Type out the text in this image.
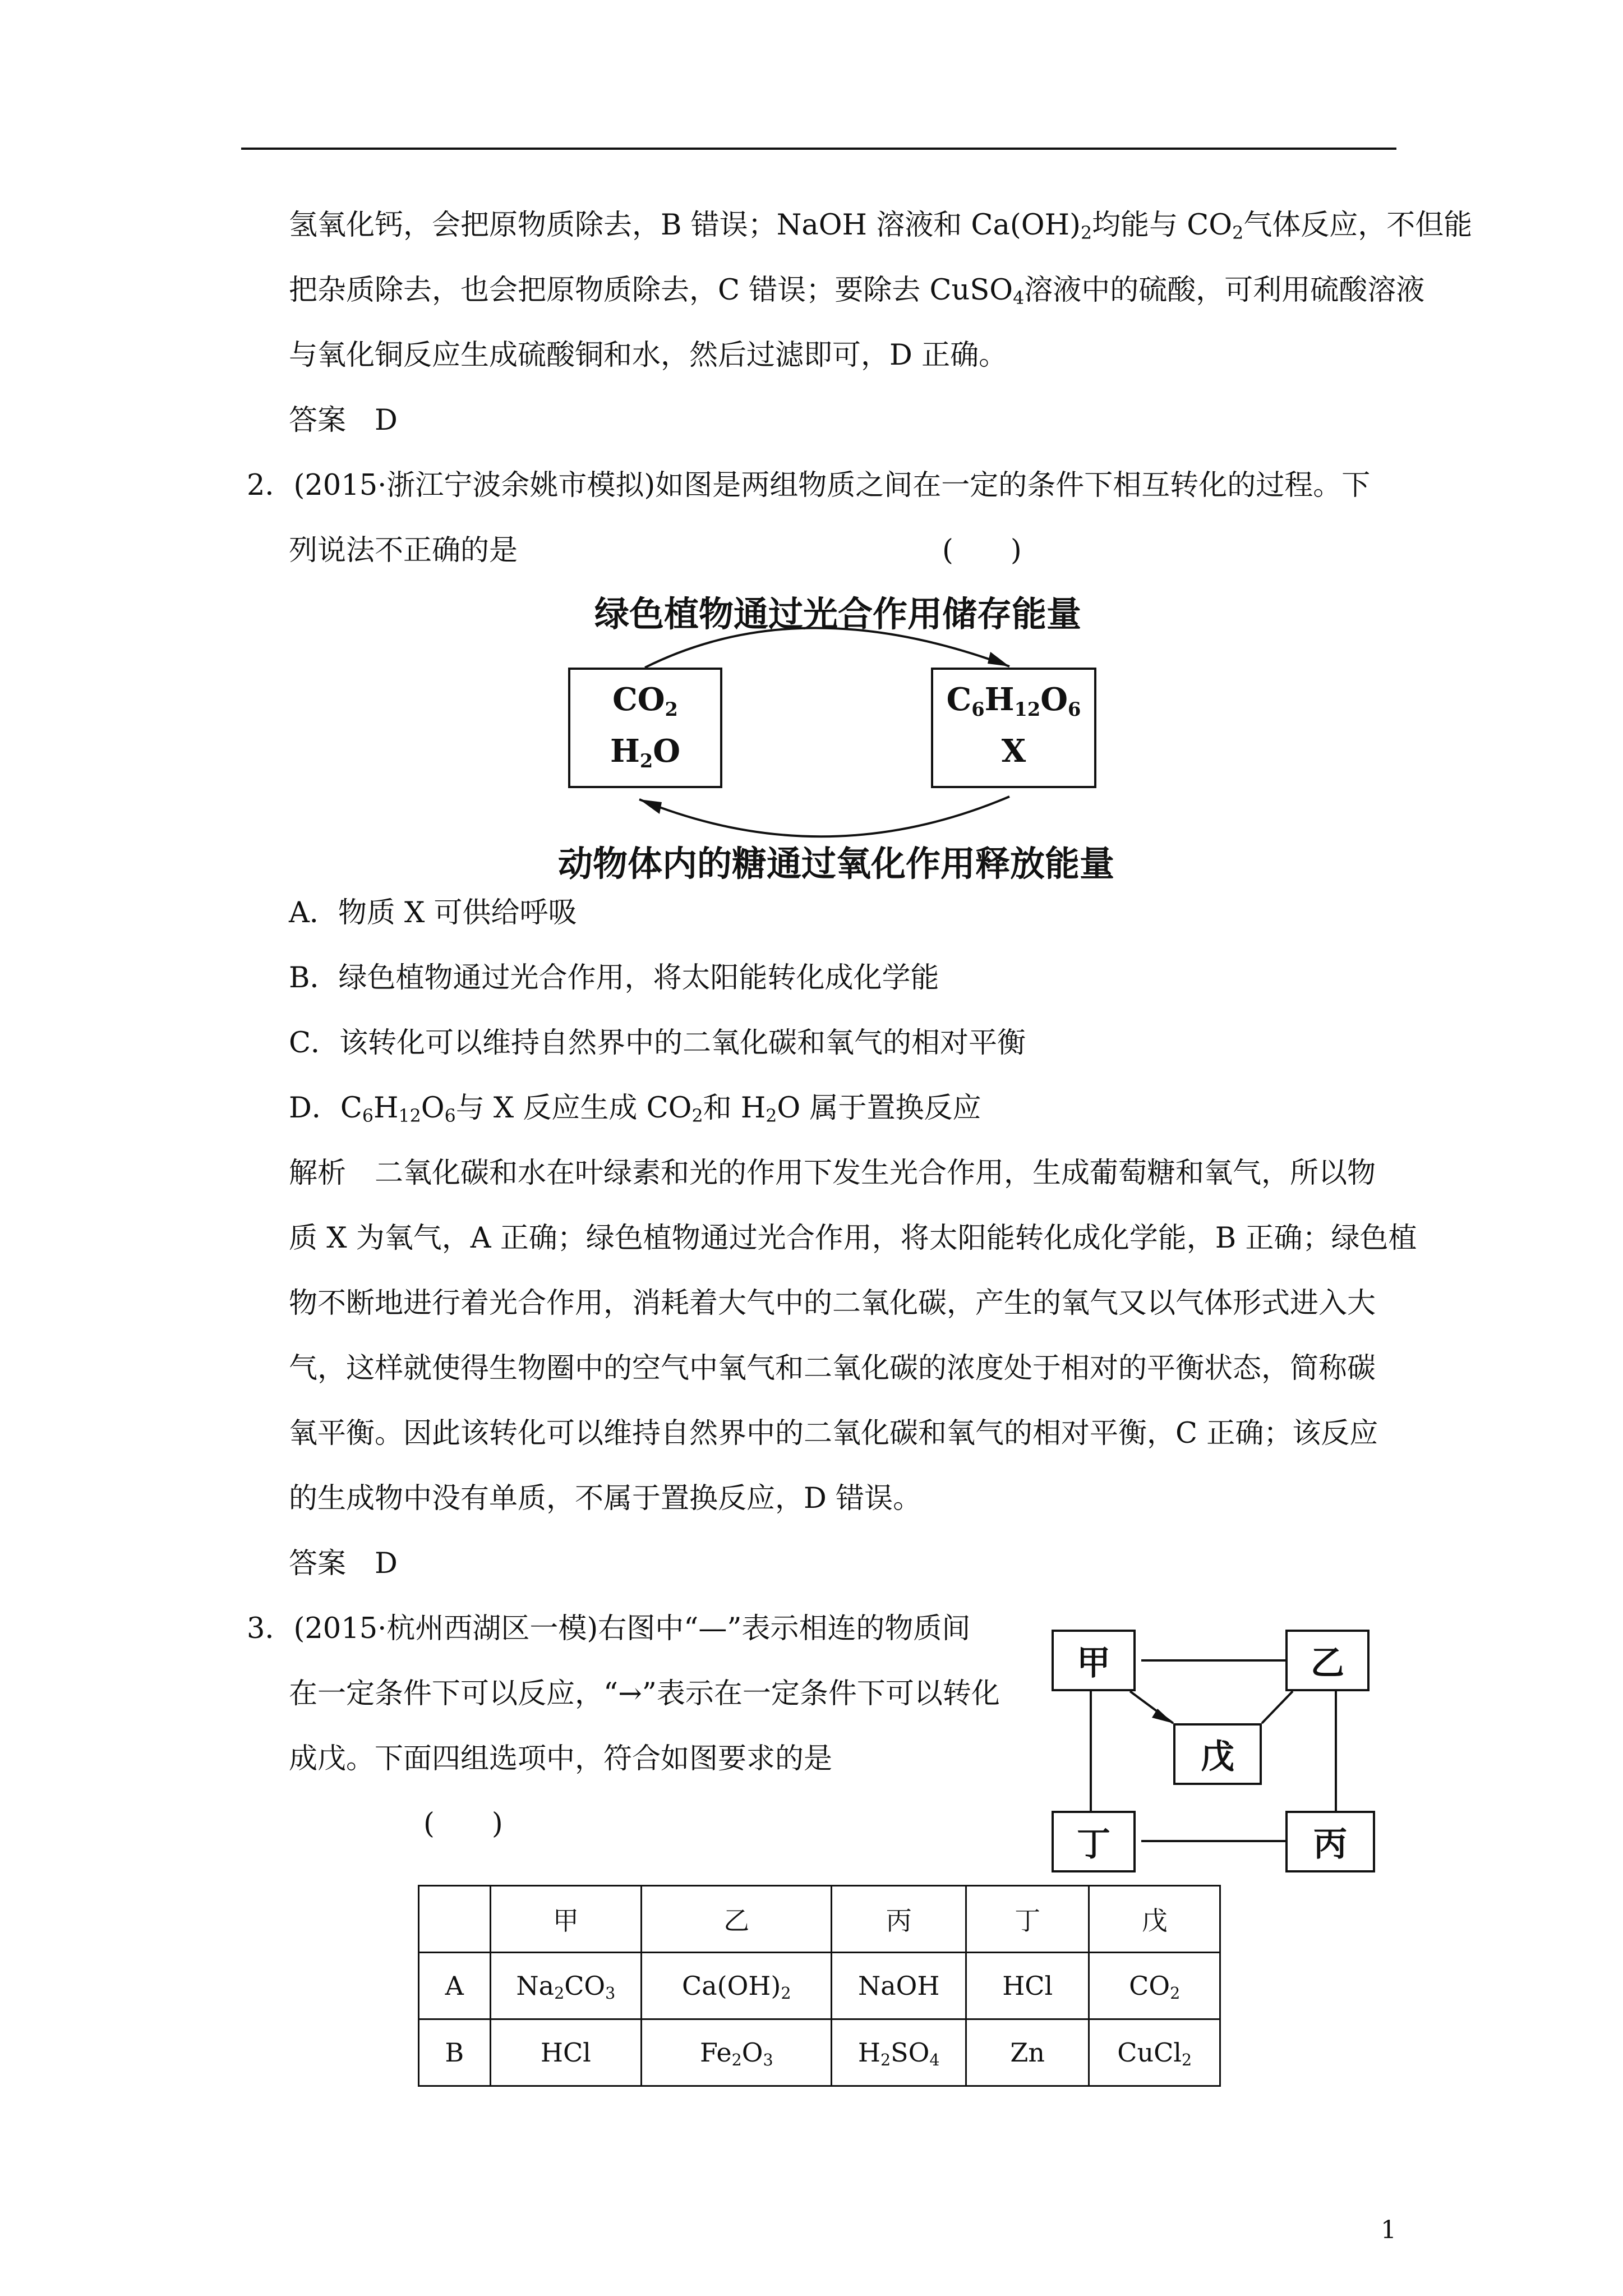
氢氧化钙，会把原物质除去，B 错误；NaOH 溶液和 $Ca(OH)_2$均能与 $CO_2$气体反应，不但能
把杂质除去，也会把原物质除去，C 错误；要除去 CuSO$_4$溶液中的硫酸，可利用硫酸溶液
与氧化铜反应生成硫酸铜和水，然后过滤即可，D 正确。
答案　D
2．(2015·浙江宁波余姚市模拟)如图是两组物质之间在一定的条件下相互转化的过程。下
列说法不正确的是	(　　)
绿色植物通过光合作用储存能量
$CO_2$
$H_2O$
$C_6H_{12}O_6$
X
动物体内的糖通过氧化作用释放能量
A．物质 X 可供给呼吸
B．绿色植物通过光合作用，将太阳能转化成化学能
C．该转化可以维持自然界中的二氧化碳和氧气的相对平衡
D．$C_6H_{12}O_6$与 X 反应生成 $CO_2$和 $H_2O$ 属于置换反应
解析　二氧化碳和水在叶绿素和光的作用下发生光合作用，生成葡萄糖和氧气，所以物
质 X 为氧气，A 正确；绿色植物通过光合作用，将太阳能转化成化学能，B 正确；绿色植
物不断地进行着光合作用，消耗着大气中的二氧化碳，产生的氧气又以气体形式进入大
气，这样就使得生物圈中的空气中氧气和二氧化碳的浓度处于相对的平衡状态，简称碳
氧平衡。因此该转化可以维持自然界中的二氧化碳和氧气的相对平衡，C 正确；该反应
的生成物中没有单质，不属于置换反应，D 错误。
答案　D
3．(2015·杭州西湖区一模)右图中“—”表示相连的物质间
在一定条件下可以反应，“→”表示在一定条件下可以转化
成戊。下面四组选项中，符合如图要求的是
(　　)
甲	乙
戊
丁	丙
	甲	乙	丙	丁	戊
A	$Na_2CO_3$	$Ca(OH)_2$	NaOH	HCl	$CO_2$
B	HCl	$Fe_2O_3$	$H_2SO_4$	Zn	CuCl$_2$
1
